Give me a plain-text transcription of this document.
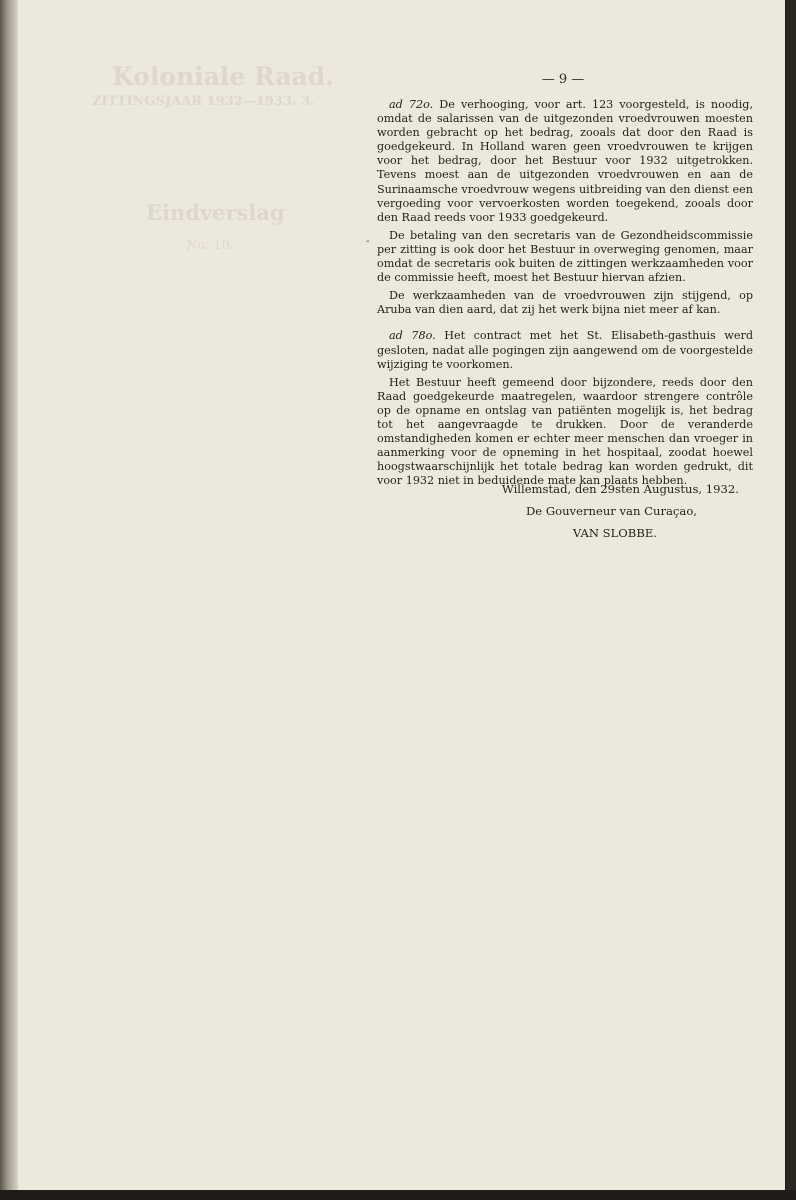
Koloniale Raad.
ZITTINGSJAAR 1932—1933. 3.
Eindverslag
No. 10.
— 9 —
-

ad 72o. De verhooging, voor art. 123 voorgesteld, is noodig, omdat de salarissen van de uitgezonden vroedvrouwen moesten worden gebracht op het bedrag, zooals dat door den Raad is goedgekeurd. In Holland waren geen vroedvrouwen te krijgen voor het bedrag, door het Bestuur voor 1932 uitgetrokken. Tevens moest aan de uitgezonden vroedvrouwen en aan de Surinaamsche vroedvrouw wegens uitbreiding van den dienst een vergoeding voor vervoerkosten worden toegekend, zooals door den Raad reeds voor 1933 goedgekeurd.

De betaling van den secretaris van de Gezondheidscommissie per zitting is ook door het Bestuur in overweging genomen, maar omdat de secretaris ook buiten de zittingen werkzaamheden voor de commissie heeft, moest het Bestuur hiervan afzien.

De werkzaamheden van de vroedvrouwen zijn stijgend, op Aruba van dien aard, dat zij het werk bijna niet meer af kan.

ad 78o. Het contract met het St. Elisabeth-gasthuis werd gesloten, nadat alle pogingen zijn aangewend om de voorgestelde wijziging te voorkomen.

Het Bestuur heeft gemeend door bijzondere, reeds door den Raad goedgekeurde maatregelen, waardoor strengere contrôle op de opname en ontslag van patiënten mogelijk is, het bedrag tot het aangevraagde te drukken. Door de veranderde omstandigheden komen er echter meer menschen dan vroeger in aanmerking voor de opneming in het hospitaal, zoodat hoewel hoogstwaarschijnlijk het totale bedrag kan worden gedrukt, dit voor 1932 niet in beduidende mate kan plaats hebben.

Willemstad, den 29sten Augustus, 1932.
De Gouverneur van Curaçao,
VAN SLOBBE.
